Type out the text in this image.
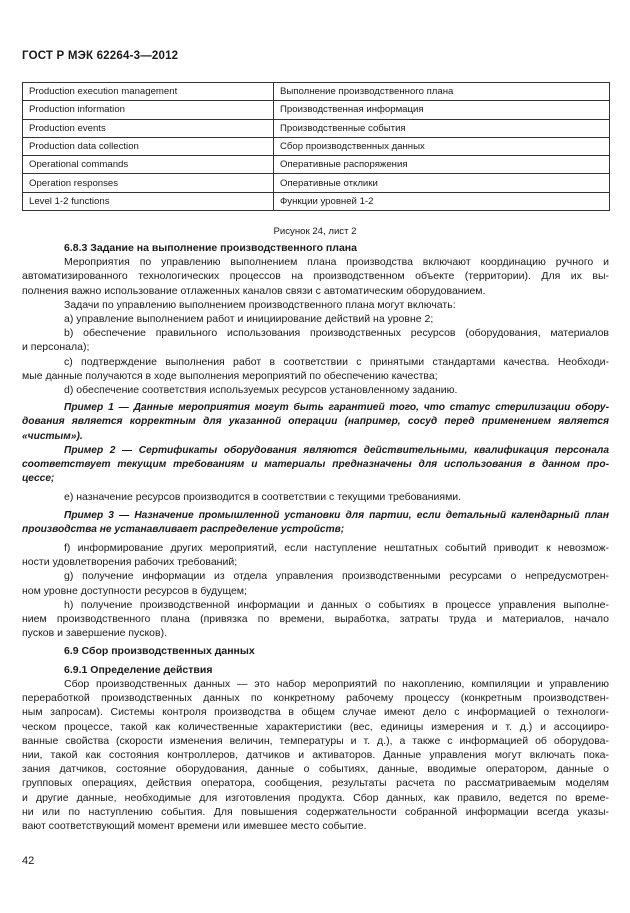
ГОСТ Р МЭК 62264-3—2012
Production execution management	Выполнение производственного плана
Production information	Производственная информация
Production events	Производственные события
Production data collection	Сбор производственных данных
Operational commands	Оперативные распоряжения
Operation responses	Оперативные отклики
Level 1-2 functions	Функции уровней 1-2
Рисунок 24, лист 2
6.8.3 Задание на выполнение производственного плана
Мероприятия по управлению выполнением плана производства включают координацию ручного и
автоматизированного технологических процессов на производственном объекте (территории). Для их вы-
полнения важно использование отлаженных каналов связи с автоматическим оборудованием.
Задачи по управлению выполнением производственного плана могут включать:
a) управление выполнением работ и инициирование действий на уровне 2;
b) обеспечение правильного использования производственных ресурсов (оборудования, материалов
и персонала);
c) подтверждение выполнения работ в соответствии с принятыми стандартами качества. Необходи-
мые данные получаются в ходе выполнения мероприятий по обеспечению качества;
d) обеспечение соответствия используемых ресурсов установленному заданию.
Пример 1 — Данные мероприятия могут быть гарантией того, что статус стерилизации обору-
дования является корректным для указанной операции (например, сосуд перед применением является
«чистым»).
Пример 2 — Сертификаты оборудования являются действительными, квалификация персонала
соответствует текущим требованиям и материалы предназначены для использования в данном про-
цессе;
e) назначение ресурсов производится в соответствии с текущими требованиями.
Пример 3 — Назначение промышленной установки для партии, если детальный календарный план
производства не устанавливает распределение устройств;
f) информирование других мероприятий, если наступление нештатных событий приводит к невозмож-
ности удовлетворения рабочих требований;
g) получение информации из отдела управления производственными ресурсами о непредусмотрен-
ном уровне доступности ресурсов в будущем;
h) получение производственной информации и данных о событиях в процессе управления выполне-
нием производственного плана (привязка по времени, выработка, затраты труда и материалов, начало
пусков и завершение пусков).
6.9 Сбор производственных данных
6.9.1 Определение действия
Сбор производственных данных — это набор мероприятий по накоплению, компиляции и управлению
переработкой производственных данных по конкретному рабочему процессу (конкретным производствен-
ным запросам). Системы контроля производства в общем случае имеют дело с информацией о технологи-
ческом процессе, такой как количественные характеристики (вес, единицы измерения и т. д.) и ассоцииро-
ванные свойства (скорости изменения величин, температуры и т. д.), а также с информацией об оборудова-
нии, такой как состояния контроллеров, датчиков и активаторов. Данные управления могут включать пока-
зания датчиков, состояние оборудования, данные о событиях, данные, вводимые оператором, данные о
групповых операциях, действия оператора, сообщения, результаты расчета по рассматриваемым моделям
и другие данные, необходимые для изготовления продукта. Сбор данных, как правило, ведется по време-
ни или по наступлению события. Для повышения содержательности собранной информации всегда указы-
вают соответствующий момент времени или имевшее место событие.
42
